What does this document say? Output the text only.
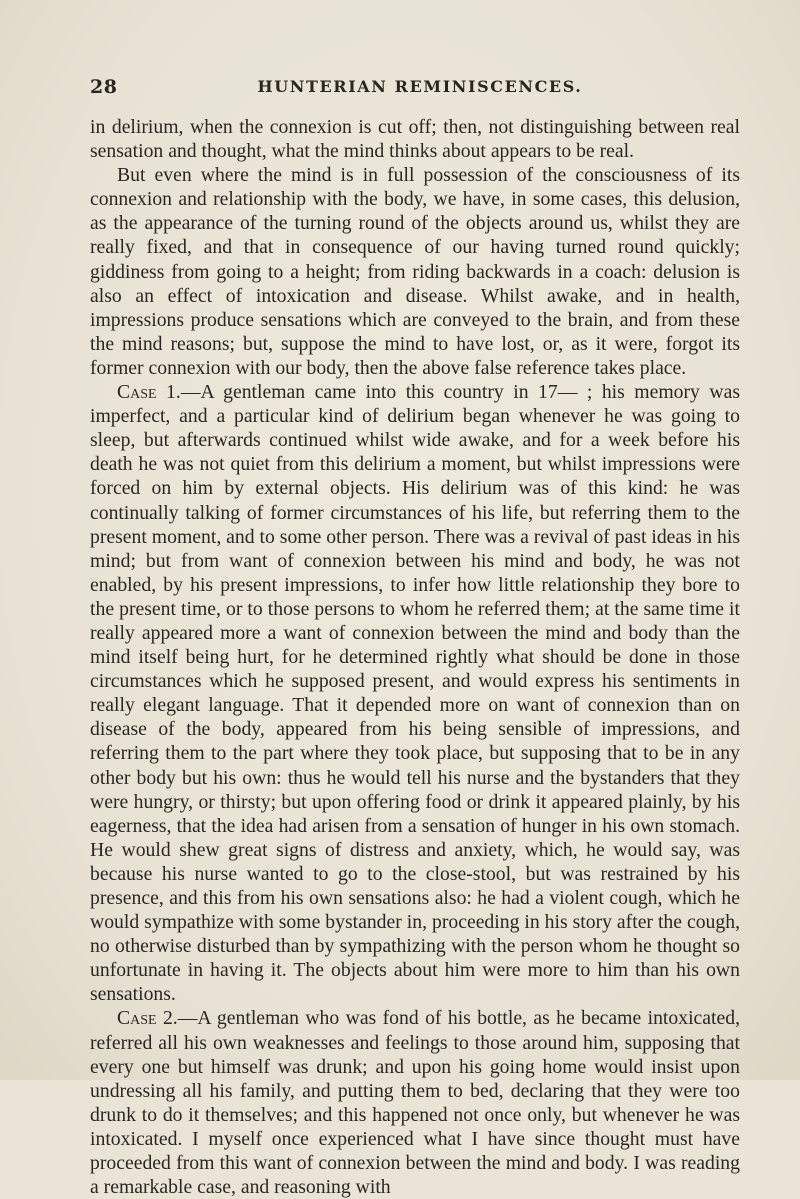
28	HUNTERIAN REMINISCENCES.

in delirium, when the connexion is cut off; then, not distinguishing between real sensation and thought, what the mind thinks about appears to be real.

But even where the mind is in full possession of the consciousness of its connexion and relationship with the body, we have, in some cases, this delusion, as the appearance of the turning round of the objects around us, whilst they are really fixed, and that in consequence of our having turned round quickly; giddiness from going to a height; from riding backwards in a coach: delusion is also an effect of intoxication and disease. Whilst awake, and in health, impressions produce sensations which are conveyed to the brain, and from these the mind reasons; but, suppose the mind to have lost, or, as it were, forgot its former connexion with our body, then the above false reference takes place.

Case 1.—A gentleman came into this country in 17— ; his memory was imperfect, and a particular kind of delirium began whenever he was going to sleep, but afterwards continued whilst wide awake, and for a week before his death he was not quiet from this delirium a moment, but whilst impressions were forced on him by external objects. His delirium was of this kind: he was continually talking of former circumstances of his life, but referring them to the present moment, and to some other person. There was a revival of past ideas in his mind; but from want of connexion between his mind and body, he was not enabled, by his present impressions, to infer how little relationship they bore to the present time, or to those persons to whom he referred them; at the same time it really appeared more a want of connexion between the mind and body than the mind itself being hurt, for he determined rightly what should be done in those circumstances which he supposed present, and would express his sentiments in really elegant language. That it depended more on want of connexion than on disease of the body, appeared from his being sensible of impressions, and referring them to the part where they took place, but supposing that to be in any other body but his own: thus he would tell his nurse and the bystanders that they were hungry, or thirsty; but upon offering food or drink it appeared plainly, by his eagerness, that the idea had arisen from a sensation of hunger in his own stomach. He would shew great signs of distress and anxiety, which, he would say, was because his nurse wanted to go to the close-stool, but was restrained by his presence, and this from his own sensations also: he had a violent cough, which he would sympathize with some bystander in, proceeding in his story after the cough, no otherwise disturbed than by sympathizing with the person whom he thought so unfortunate in having it. The objects about him were more to him than his own sensations.

Case 2.—A gentleman who was fond of his bottle, as he became intoxicated, referred all his own weaknesses and feelings to those around him, supposing that every one but himself was drunk; and upon his going home would insist upon undressing all his family, and putting them to bed, declaring that they were too drunk to do it themselves; and this happened not once only, but whenever he was intoxicated. I myself once experienced what I have since thought must have proceeded from this want of connexion between the mind and body. I was reading a remarkable case, and reasoning with
